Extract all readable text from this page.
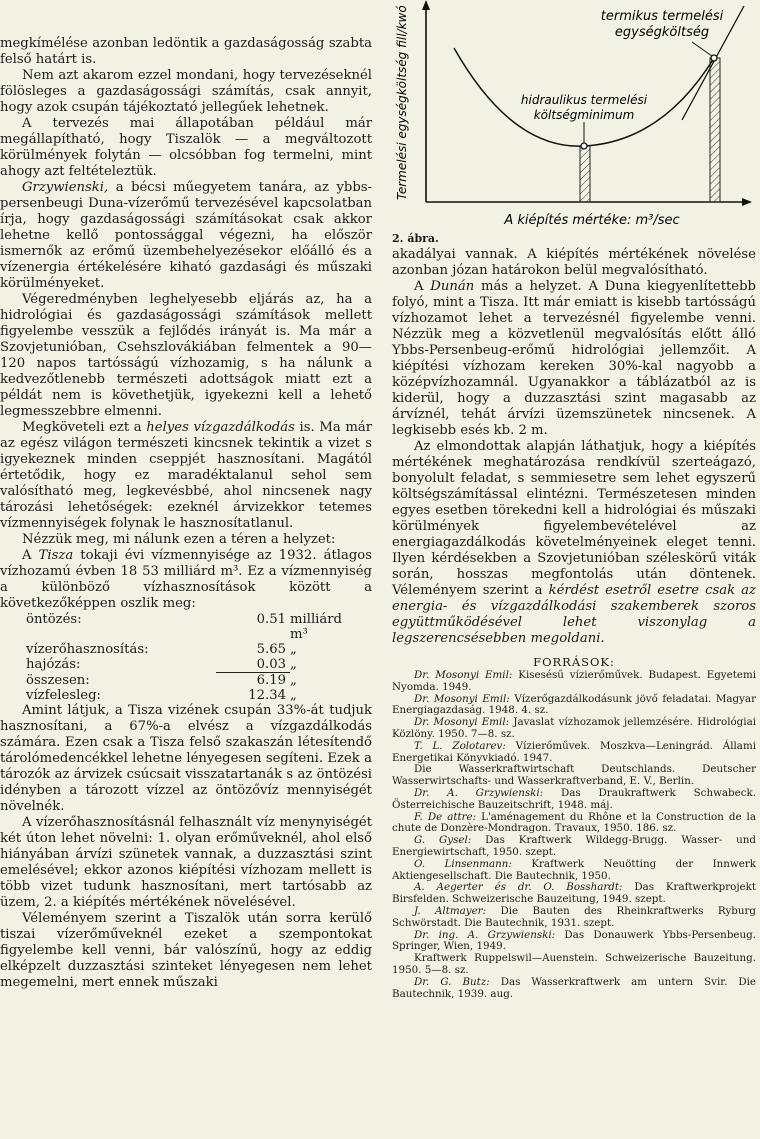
megkímélése azonban ledöntik a gazdaságosság szabta felső határt is.

Nem azt akarom ezzel mondani, hogy tervezéseknél fölösleges a gazdaságossági számítás, csak annyit, hogy azok csupán tájékoztató jellegűek lehetnek.

A tervezés mai állapotában például már megállapítható, hogy Tiszalök — a megváltozott körülmények folytán — olcsóbban fog termelni, mint ahogy azt feltételeztük.

Grzywienski, a bécsi műegyetem tanára, az ybbs-persenbeugi Duna-vízerőmű tervezésével kapcsolatban írja, hogy gazdaságossági számításokat csak akkor lehetne kellő pontossággal végezni, ha először ismernők az erőmű üzembehelyezésekor előálló és a vízenergia értékelésére kiható gazdasági és műszaki körülményeket.

Végeredményben leghelyesebb eljárás az, ha a hidrológiai és gazdaságossági számítások mellett figyelembe vesszük a fejlődés irányát is. Ma már a Szovjetunióban, Csehszlovákiában felmentek a 90—120 napos tartósságú vízhozamig, s ha nálunk a kedvezőtlenebb természeti adottságok miatt ezt a példát nem is követhetjük, igyekezni kell a lehető legmesszebbre elmenni.

Megköveteli ezt a helyes vízgazdálkodás is. Ma már az egész világon természeti kincsnek tekintik a vizet s igyekeznek minden cseppjét hasznosítani. Magától értetődik, hogy ez maradéktalanul sehol sem valósítható meg, legkevésbbé, ahol nincsenek nagy tározási lehetőségek: ezeknél árvizekkor tetemes vízmennyiségek folynak le hasznosítatlanul.

Nézzük meg, mi nálunk ezen a téren a helyzet:

A Tisza tokaji évi vízmennyisége az 1932. átlagos vízhozamú évben 18 53 milliárd m³. Ez a vízmennyiség a különböző vízhasznosítások között a következőképpen oszlik meg:

öntözés:	0.51	milliárd m³
vízerőhasznosítás:	5.65	„
hajózás:	0.03	„
összesen:	6.19	„
vízfelesleg:	12.34	„

Amint látjuk, a Tisza vizének csupán 33%-át tudjuk hasznosítani, a 67%-a elvész a vízgazdálkodás számára. Ezen csak a Tisza felső szakaszán létesítendő tárolómedencékkel lehetne lényegesen segíteni. Ezek a tározók az árvizek csúcsait visszatartanák s az öntözési idényben a tározott vízzel az öntözővíz mennyiségét növelnék.

A vízerőhasznosításnál felhasznált víz menynyiségét két úton lehet növelni: 1. olyan erőműveknél, ahol első hiányában árvízi szünetek vannak, a duzzasztási szint emelésével; ekkor azonos kiépítési vízhozam mellett is több vizet tudunk hasznosítani, mert tartósabb az üzem, 2. a kiépítés mértékének növelésével.

Véleményem szerint a Tiszalök után sorra kerülő tiszai vízerőműveknél ezeket a szempontokat figyelembe kell venni, bár valószínű, hogy az eddig elképzelt duzzasztási szinteket lényegesen nem lehet megemelni, mert ennek műszaki

termikus termelési
egységköltség
hidraulikus termelési
költségminimum
Termelési egységköltség fill/kwó
A kiépítés mértéke: m³/sec
2. ábra.

akadályai vannak. A kiépítés mértékének növelése azonban józan határokon belül megvalósítható.

A Dunán más a helyzet. A Duna kiegyenlítettebb folyó, mint a Tisza. Itt már emiatt is kisebb tartósságú vízhozamot lehet a tervezésnél figyelembe venni. Nézzük meg a közvetlenül megvalósítás előtt álló Ybbs-Persenbeug-erőmű hidrológiai jellemzőit. A kiépítési vízhozam kereken 30%-kal nagyobb a középvízhozamnál. Ugyanakkor a táblázatból az is kiderül, hogy a duzzasztási szint magasabb az árvíznél, tehát árvízi üzemszünetek nincsenek. A legkisebb esés kb. 2 m.

Az elmondottak alapján láthatjuk, hogy a kiépítés mértékének meghatározása rendkívül szerteágazó, bonyolult feladat, s semmiesetre sem lehet egyszerű költségszámítással elintézni. Természetesen minden egyes esetben törekedni kell a hidrológiai és műszaki körülmények figyelembevételével az energiagazdálkodás követelményeinek eleget tenni. Ilyen kérdésekben a Szovjetunióban széleskörű viták során, hosszas megfontolás után döntenek. Véleményem szerint a kérdést esetről esetre csak az energia- és vízgazdálkodási szakemberek szoros együttműködésével lehet viszonylag a legszerencsésebben megoldani.

FORRÁSOK:

Dr. Mosonyi Emil: Kisesésű vízierőművek. Budapest. Egyetemi Nyomda. 1949.

Dr. Mosonyi Emil: Vízerőgazdálkodásunk jövő feladatai. Magyar Energiagazdaság. 1948. 4. sz.

Dr. Mosonyi Emil: Javaslat vízhozamok jellemzésére. Hidrológiai Közlöny. 1950. 7—8. sz.

T. L. Zolotarev: Vízierőművek. Moszkva—Leningrád. Állami Energetikai Könyvkiadó. 1947.

Die Wasserkraftwirtschaft Deutschlands. Deutscher Wasserwirtschafts- und Wasserkraftverband, E. V., Berlin.

Dr. A. Grzywienski: Das Draukraftwerk Schwabeck. Österreichische Bauzeitschrift, 1948. máj.

F. De attre: L'aménagement du Rhône et la Construction de la chute de Donzère-Mondragon. Travaux, 1950. 186. sz.

G. Gysel: Das Kraftwerk Wildegg-Brugg. Wasser- und Energiewirtschaft, 1950. szept.

O. Linsenmann: Kraftwerk Neuötting der Innwerk Aktiengesellschaft. Die Bautechnik, 1950.

A. Aegerter és dr. O. Bosshardt: Das Kraftwerkprojekt Birsfelden. Schweizerische Bauzeitung, 1949. szept.

J. Altmayer: Die Bauten des Rheinkraftwerks Ryburg Schwörstadt. Die Bautechnik, 1931. szept.

Dr. ing. A. Grzywienski: Das Donauwerk Ybbs-Persenbeug. Springer, Wien, 1949.

Kraftwerk Ruppelswil—Auenstein. Schweizerische Bauzeitung. 1950. 5—8. sz.

Dr. G. Butz: Das Wasserkraftwerk am untern Svir. Die Bautechnik, 1939. aug.
